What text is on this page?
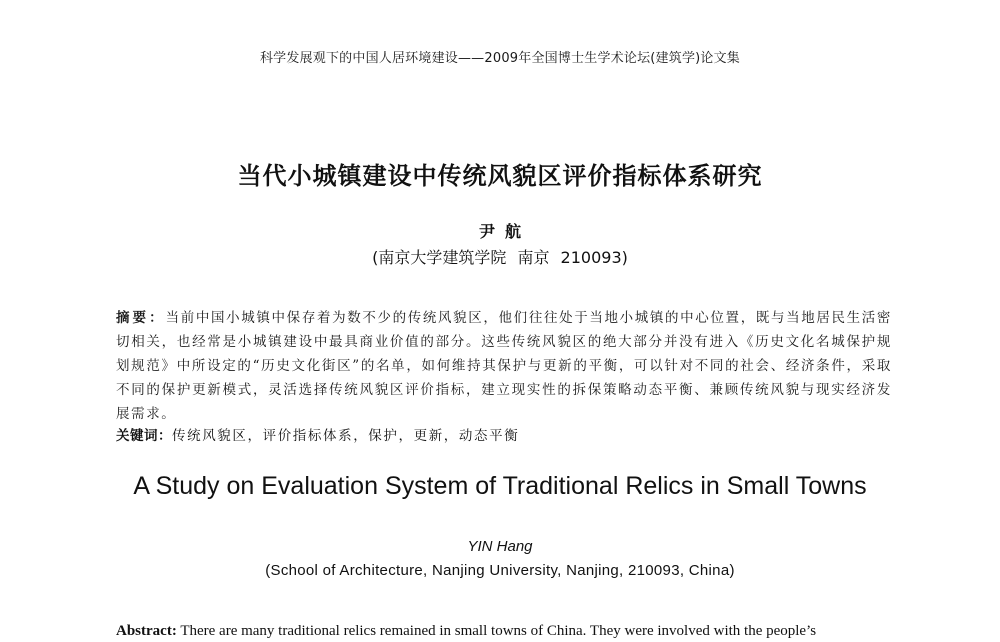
科学发展观下的中国人居环境建设——2009年全国博士生学术论坛(建筑学)论文集
当代小城镇建设中传统风貌区评价指标体系研究
尹航
(南京大学建筑学院 南京 210093)
摘要：当前中国小城镇中保存着为数不少的传统风貌区，他们往往处于当地小城镇的中心位置，既与当地居民生活密切相关，也经常是小城镇建设中最具商业价值的部分。这些传统风貌区的绝大部分并没有进入《历史文化名城保护规划规范》中所设定的“历史文化街区”的名单，如何维持其保护与更新的平衡，可以针对不同的社会、经济条件，采取不同的保护更新模式，灵活选择传统风貌区评价指标，建立现实性的拆保策略动态平衡、兼顾传统风貌与现实经济发展需求。
关键词：传统风貌区，评价指标体系，保护，更新，动态平衡
A Study on Evaluation System of Traditional Relics in Small Towns
YIN Hang
(School of Architecture, Nanjing University, Nanjing, 210093, China)
Abstract: There are many traditional relics remained in small towns of China. They were involved with the people’s
